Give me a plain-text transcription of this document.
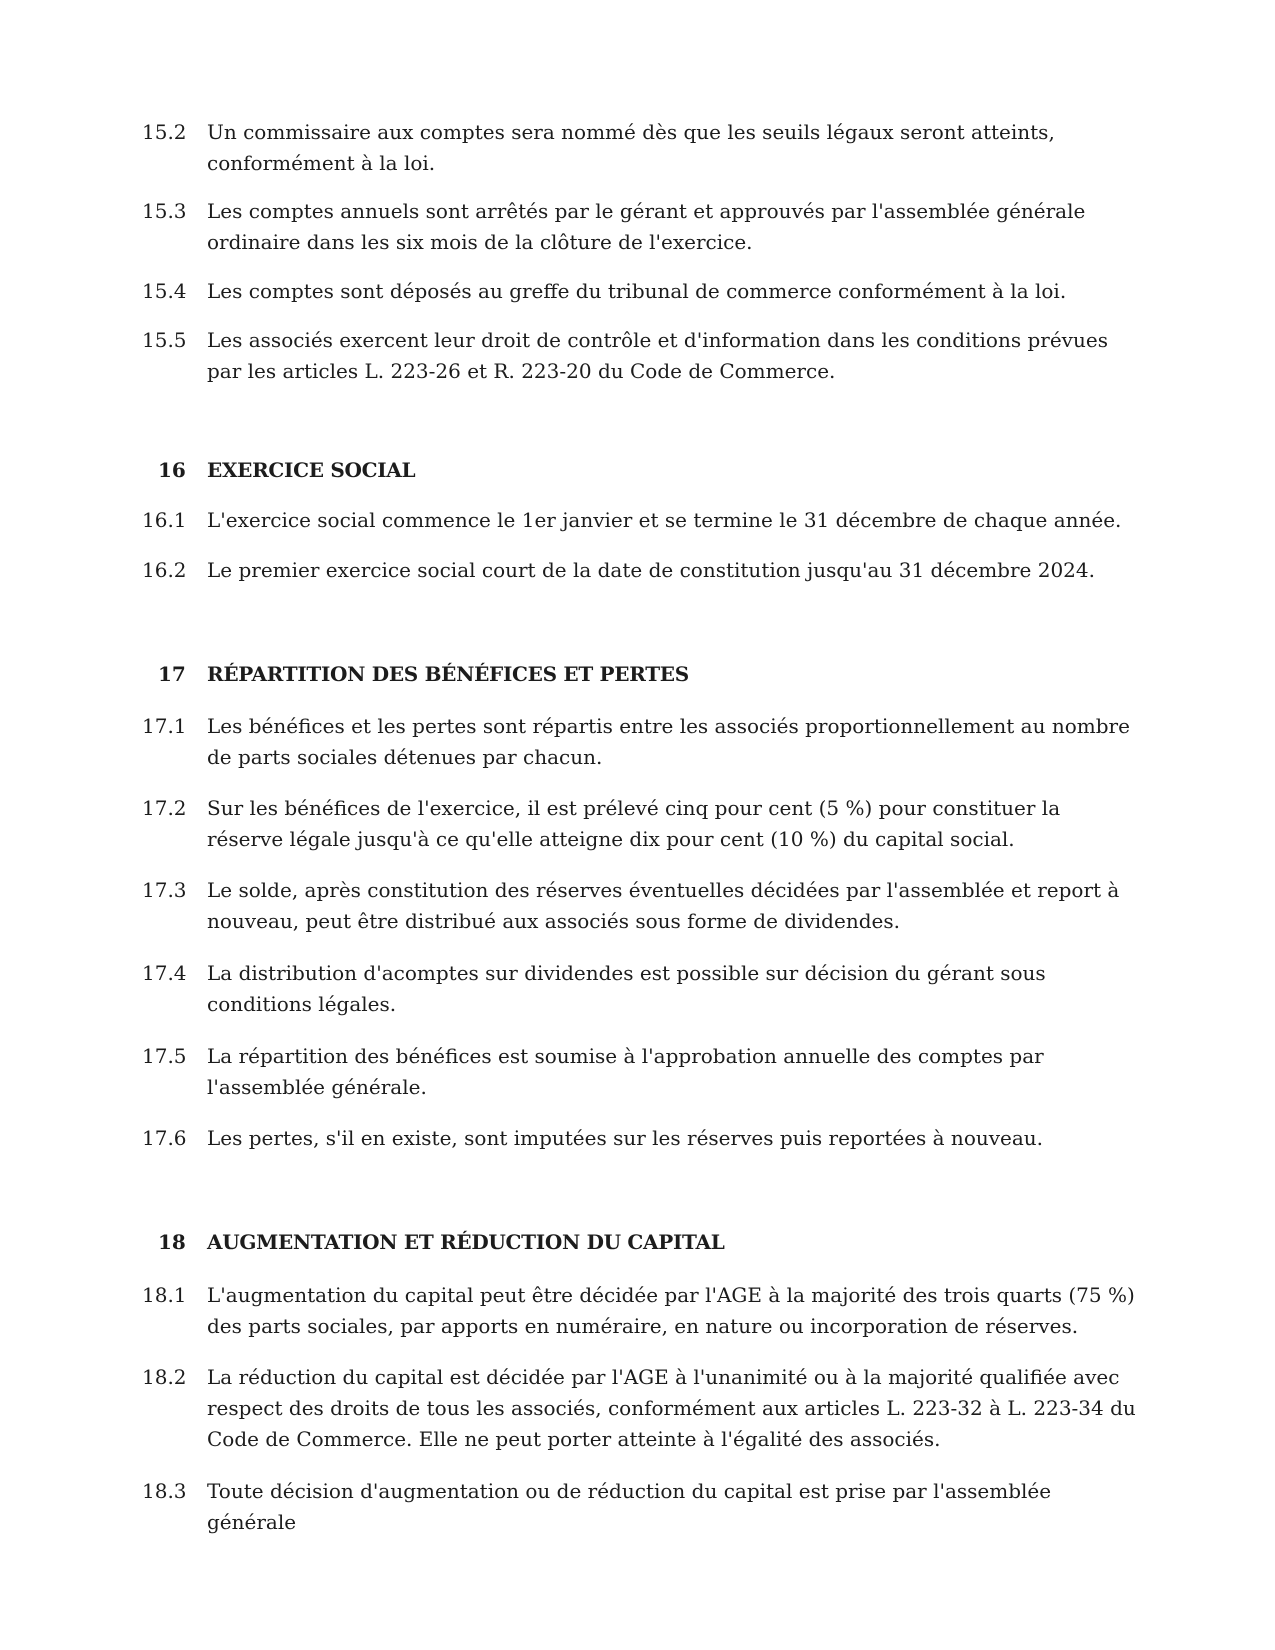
15.2	Un commissaire aux comptes sera nommé dès que les seuils légaux seront atteints, conformément à la loi.
15.3	Les comptes annuels sont arrêtés par le gérant et approuvés par l'assemblée générale ordinaire dans les six mois de la clôture de l'exercice.
15.4	Les comptes sont déposés au greffe du tribunal de commerce conformément à la loi.
15.5	Les associés exercent leur droit de contrôle et d'information dans les conditions prévues par les articles L. 223-26 et R. 223-20 du Code de Commerce.
16	EXERCICE SOCIAL
16.1	L'exercice social commence le 1er janvier et se termine le 31 décembre de chaque année.
16.2	Le premier exercice social court de la date de constitution jusqu'au 31 décembre 2024.
17	RÉPARTITION DES BÉNÉFICES ET PERTES
17.1	Les bénéfices et les pertes sont répartis entre les associés proportionnellement au nombre de parts sociales détenues par chacun.
17.2	Sur les bénéfices de l'exercice, il est prélevé cinq pour cent (5 %) pour constituer la réserve légale jusqu'à ce qu'elle atteigne dix pour cent (10 %) du capital social.
17.3	Le solde, après constitution des réserves éventuelles décidées par l'assemblée et report à nouveau, peut être distribué aux associés sous forme de dividendes.
17.4	La distribution d'acomptes sur dividendes est possible sur décision du gérant sous conditions légales.
17.5	La répartition des bénéfices est soumise à l'approbation annuelle des comptes par l'assemblée générale.
17.6	Les pertes, s'il en existe, sont imputées sur les réserves puis reportées à nouveau.
18	AUGMENTATION ET RÉDUCTION DU CAPITAL
18.1	L'augmentation du capital peut être décidée par l'AGE à la majorité des trois quarts (75 %) des parts sociales, par apports en numéraire, en nature ou incorporation de réserves.
18.2	La réduction du capital est décidée par l'AGE à l'unanimité ou à la majorité qualifiée avec respect des droits de tous les associés, conformément aux articles L. 223-32 à L. 223-34 du Code de Commerce. Elle ne peut porter atteinte à l'égalité des associés.
18.3	Toute décision d'augmentation ou de réduction du capital est prise par l'assemblée générale
